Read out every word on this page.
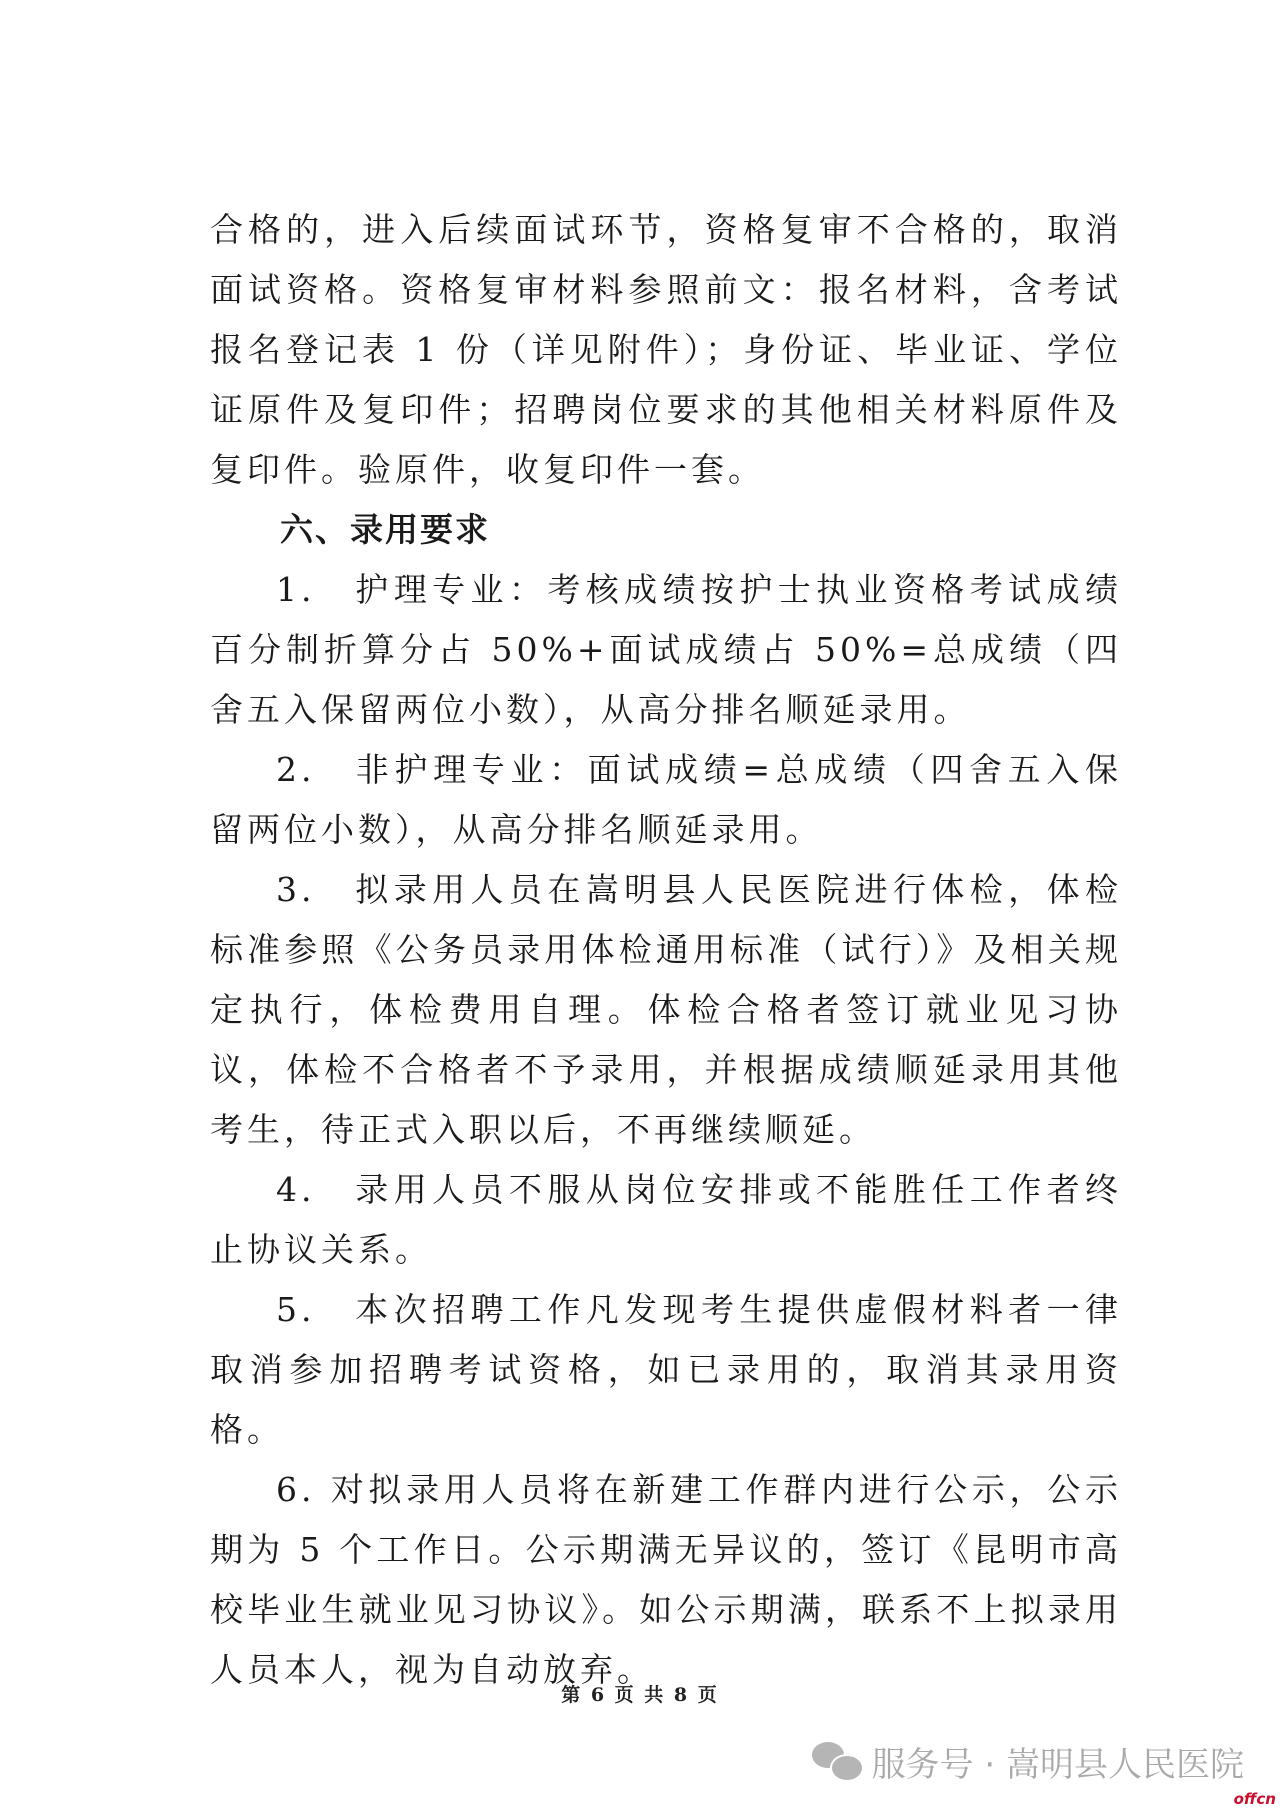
合格的，进入后续面试环节，资格复审不合格的，取消面试资格。资格复审材料参照前文：报名材料，含考试报名登记表 1 份（详见附件）；身份证、毕业证、学位证原件及复印件；招聘岗位要求的其他相关材料原件及复印件。验原件，收复印件一套。

六、录用要求

1.　护理专业：考核成绩按护士执业资格考试成绩百分制折算分占 50%+面试成绩占 50%=总成绩（四舍五入保留两位小数），从高分排名顺延录用。

2.　非护理专业：面试成绩=总成绩（四舍五入保留两位小数），从高分排名顺延录用。

3.　拟录用人员在嵩明县人民医院进行体检，体检标准参照《公务员录用体检通用标准（试行）》及相关规定执行，体检费用自理。体检合格者签订就业见习协议，体检不合格者不予录用，并根据成绩顺延录用其他考生，待正式入职以后，不再继续顺延。

4.　录用人员不服从岗位安排或不能胜任工作者终止协议关系。

5.　本次招聘工作凡发现考生提供虚假材料者一律取消参加招聘考试资格，如已录用的，取消其录用资格。

6. 对拟录用人员将在新建工作群内进行公示，公示期为 5 个工作日。公示期满无异议的，签订《昆明市高校毕业生就业见习协议》。如公示期满，联系不上拟录用人员本人，视为自动放弃。

第 6 页 共 8 页
服务号 · 嵩明县人民医院
offcn
